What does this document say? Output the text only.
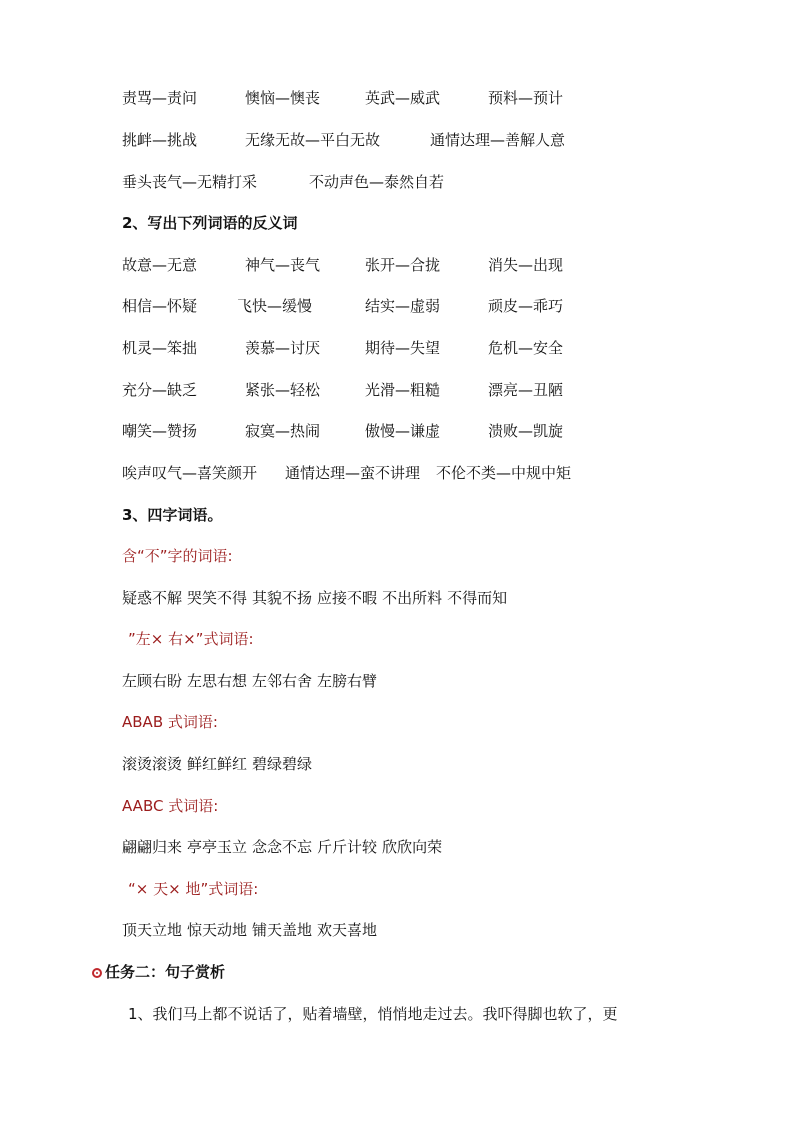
责骂—责问	懊恼—懊丧	英武—威武	预料—预计
挑衅—挑战	无缘无故—平白无故	通情达理—善解人意
垂头丧气—无精打采	不动声色—泰然自若
2、写出下列词语的反义词
故意—无意	神气—丧气	张开—合拢	消失—出现
相信—怀疑	飞快—缓慢	结实—虚弱	顽皮—乖巧
机灵—笨拙	羡慕—讨厌	期待—失望	危机—安全
充分—缺乏	紧张—轻松	光滑—粗糙	漂亮—丑陋
嘲笑—赞扬	寂寞—热闹	傲慢—谦虚	溃败—凯旋
唉声叹气—喜笑颜开 通情达理—蛮不讲理 不伦不类—中规中矩
3、四字词语。
含“不”字的词语:
疑惑不解 哭笑不得 其貌不扬 应接不暇 不出所料 不得而知
”左× 右×”式词语:
左顾右盼 左思右想 左邻右舍 左膀右臂
ABAB 式词语:
滚烫滚烫 鲜红鲜红 碧绿碧绿
AABC 式词语:
翩翩归来 亭亭玉立 念念不忘 斤斤计较 欣欣向荣
“× 天× 地”式词语:
顶天立地 惊天动地 铺天盖地 欢天喜地
任务二：句子赏析
1、我们马上都不说话了，贴着墙壁，悄悄地走过去。我吓得脚也软了，更
